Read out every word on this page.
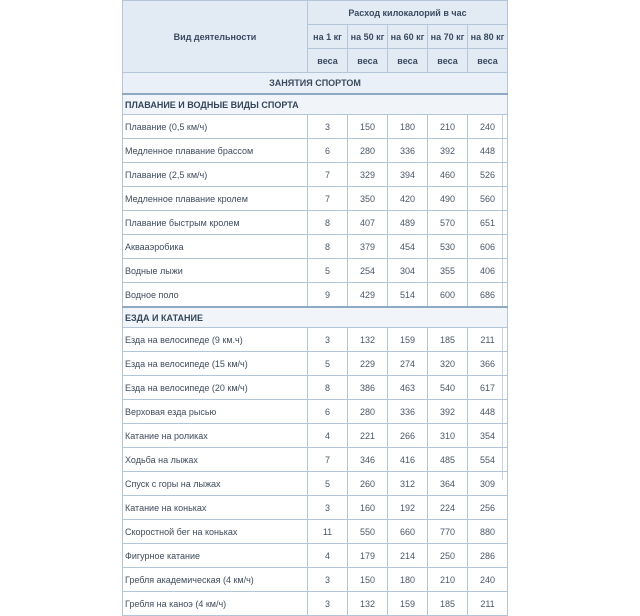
Вид деятельности	Расход килокалорий в час				
	на 1 кг	на 50 кг	на 60 кг	на 70 кг	на 80 кг
	веса	веса	веса	веса	веса
ЗАНЯТИЯ СПОРТОМ					
ПЛАВАНИЕ И ВОДНЫЕ ВИДЫ СПОРТА					
Плавание (0,5 км/ч)	3	150	180	210	240
Медленное плавание брассом	6	280	336	392	448
Плавание (2,5 км/ч)	7	329	394	460	526
Медленное плавание кролем	7	350	420	490	560
Плавание быстрым кролем	8	407	489	570	651
Аквааэробика	8	379	454	530	606
Водные лыжи	5	254	304	355	406
Водное поло	9	429	514	600	686
ЕЗДА И КАТАНИЕ					
Езда на велосипеде (9 км.ч)	3	132	159	185	211
Езда на велосипеде (15 км/ч)	5	229	274	320	366
Езда на велосипеде (20 км/ч)	8	386	463	540	617
Верховая езда рысью	6	280	336	392	448
Катание на роликах	4	221	266	310	354
Ходьба на лыжах	7	346	416	485	554
Спуск с горы на лыжах	5	260	312	364	309
Катание на коньках	3	160	192	224	256
Скоростной бег на коньках	11	550	660	770	880
Фигурное катание	4	179	214	250	286
Гребля академическая (4 км/ч)	3	150	180	210	240
Гребля на каноэ (4 км/ч)	3	132	159	185	211
